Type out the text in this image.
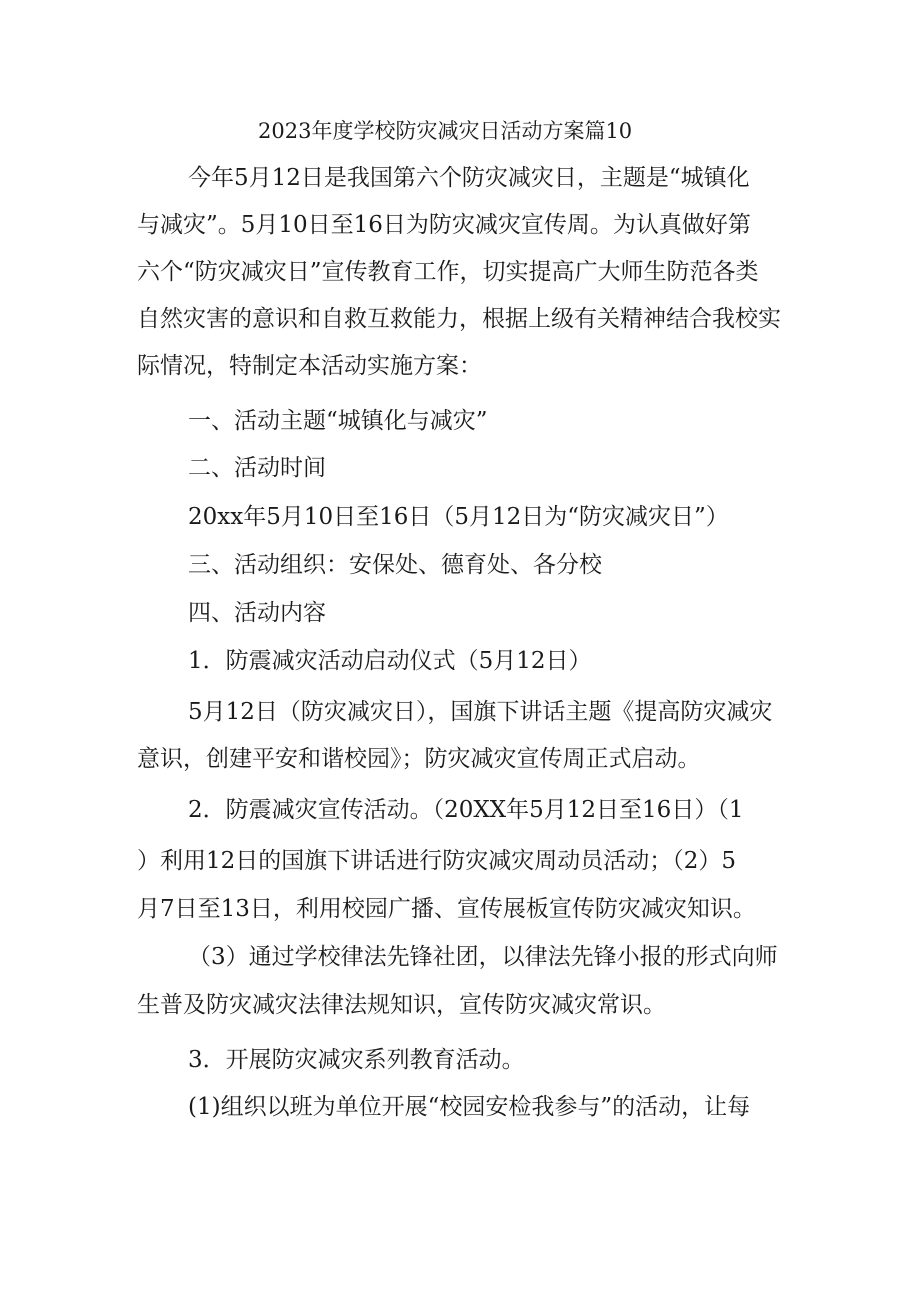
2023年度学校防灾减灾日活动方案篇10

今年5月12日是我国第六个防灾减灾日，主题是“城镇化

与减灾”。5月10日至16日为防灾减灾宣传周。为认真做好第

六个“防灾减灾日”宣传教育工作，切实提高广大师生防范各类

自然灾害的意识和自救互救能力，根据上级有关精神结合我校实

际情况，特制定本活动实施方案：

一、活动主题“城镇化与减灾”

二、活动时间

20xx年5月10日至16日（5月12日为“防灾减灾日”）

三、活动组织：安保处、德育处、各分校

四、活动内容

1．防震减灾活动启动仪式（5月12日）

5月12日（防灾减灾日），国旗下讲话主题《提高防灾减灾

意识，创建平安和谐校园》；防灾减灾宣传周正式启动。

2．防震减灾宣传活动。（20XX年5月12日至16日）（1

）利用12日的国旗下讲话进行防灾减灾周动员活动；（2）5

月7日至13日，利用校园广播、宣传展板宣传防灾减灾知识。

（3）通过学校律法先锋社团，以律法先锋小报的形式向师

生普及防灾减灾法律法规知识，宣传防灾减灾常识。

3．开展防灾减灾系列教育活动。

(1)组织以班为单位开展“校园安检我参与”的活动，让每
